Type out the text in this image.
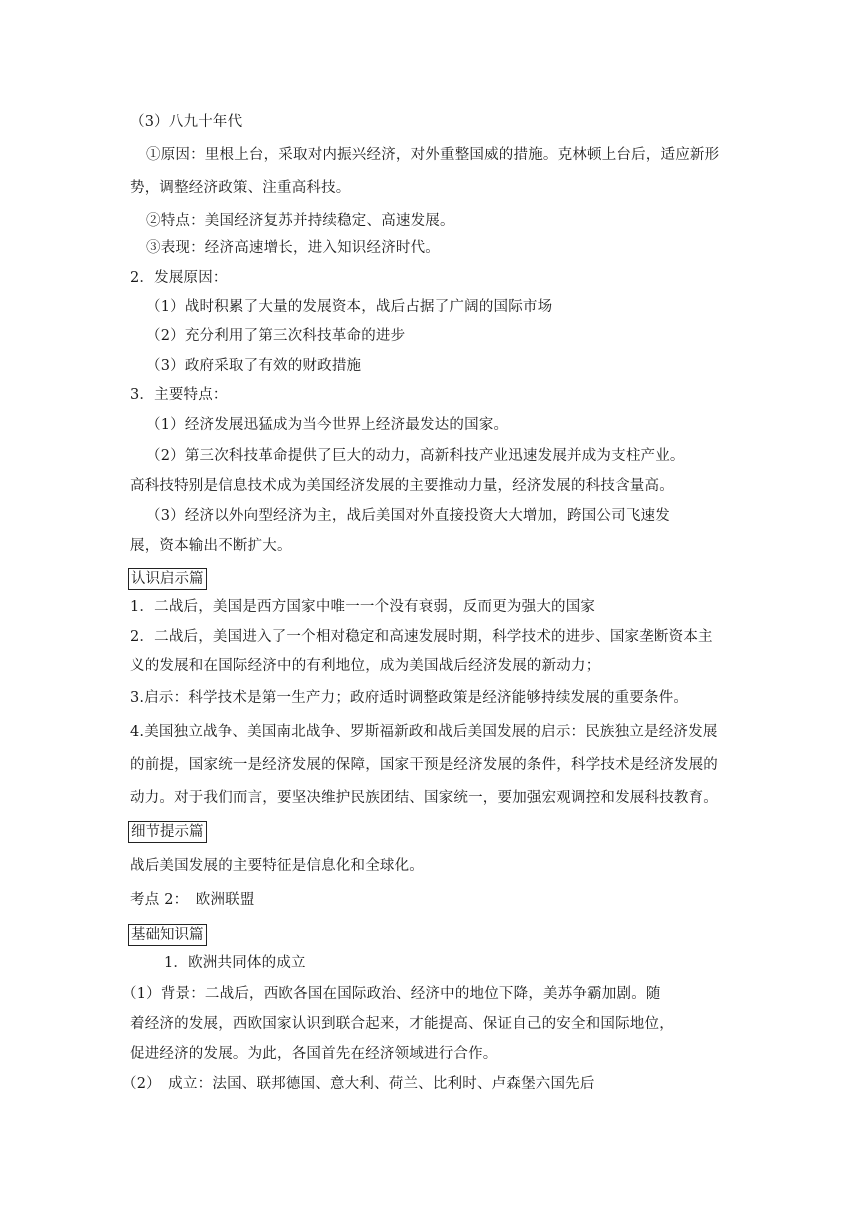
（3）八九十年代
①原因：里根上台，采取对内振兴经济，对外重整国威的措施。克林顿上台后，适应新形
势，调整经济政策、注重高科技。
②特点：美国经济复苏并持续稳定、高速发展。
③表现：经济高速增长，进入知识经济时代。
2．发展原因：
（1）战时积累了大量的发展资本，战后占据了广阔的国际市场
（2）充分利用了第三次科技革命的进步
（3）政府采取了有效的财政措施
3．主要特点：
（1）经济发展迅猛成为当今世界上经济最发达的国家。
（2）第三次科技革命提供了巨大的动力，高新科技产业迅速发展并成为支柱产业。
高科技特别是信息技术成为美国经济发展的主要推动力量，经济发展的科技含量高。
（3）经济以外向型经济为主，战后美国对外直接投资大大增加，跨国公司飞速发
展，资本输出不断扩大。
认识启示篇
1．二战后，美国是西方国家中唯一一个没有衰弱，反而更为强大的国家
2．二战后，美国进入了一个相对稳定和高速发展时期，科学技术的进步、国家垄断资本主
义的发展和在国际经济中的有利地位，成为美国战后经济发展的新动力；
3.启示：科学技术是第一生产力；政府适时调整政策是经济能够持续发展的重要条件。
4.美国独立战争、美国南北战争、罗斯福新政和战后美国发展的启示：民族独立是经济发展
的前提，国家统一是经济发展的保障，国家干预是经济发展的条件，科学技术是经济发展的
动力。对于我们而言，要坚决维护民族团结、国家统一，要加强宏观调控和发展科技教育。
细节提示篇
战后美国发展的主要特征是信息化和全球化。
考点 2：　欧洲联盟
基础知识篇
1．欧洲共同体的成立
（1）背景：二战后，西欧各国在国际政治、经济中的地位下降，美苏争霸加剧。随
着经济的发展，西欧国家认识到联合起来，才能提高、保证自己的安全和国际地位，
促进经济的发展。为此，各国首先在经济领域进行合作。
（2）　成立：法国、联邦德国、意大利、荷兰、比利时、卢森堡六国先后
